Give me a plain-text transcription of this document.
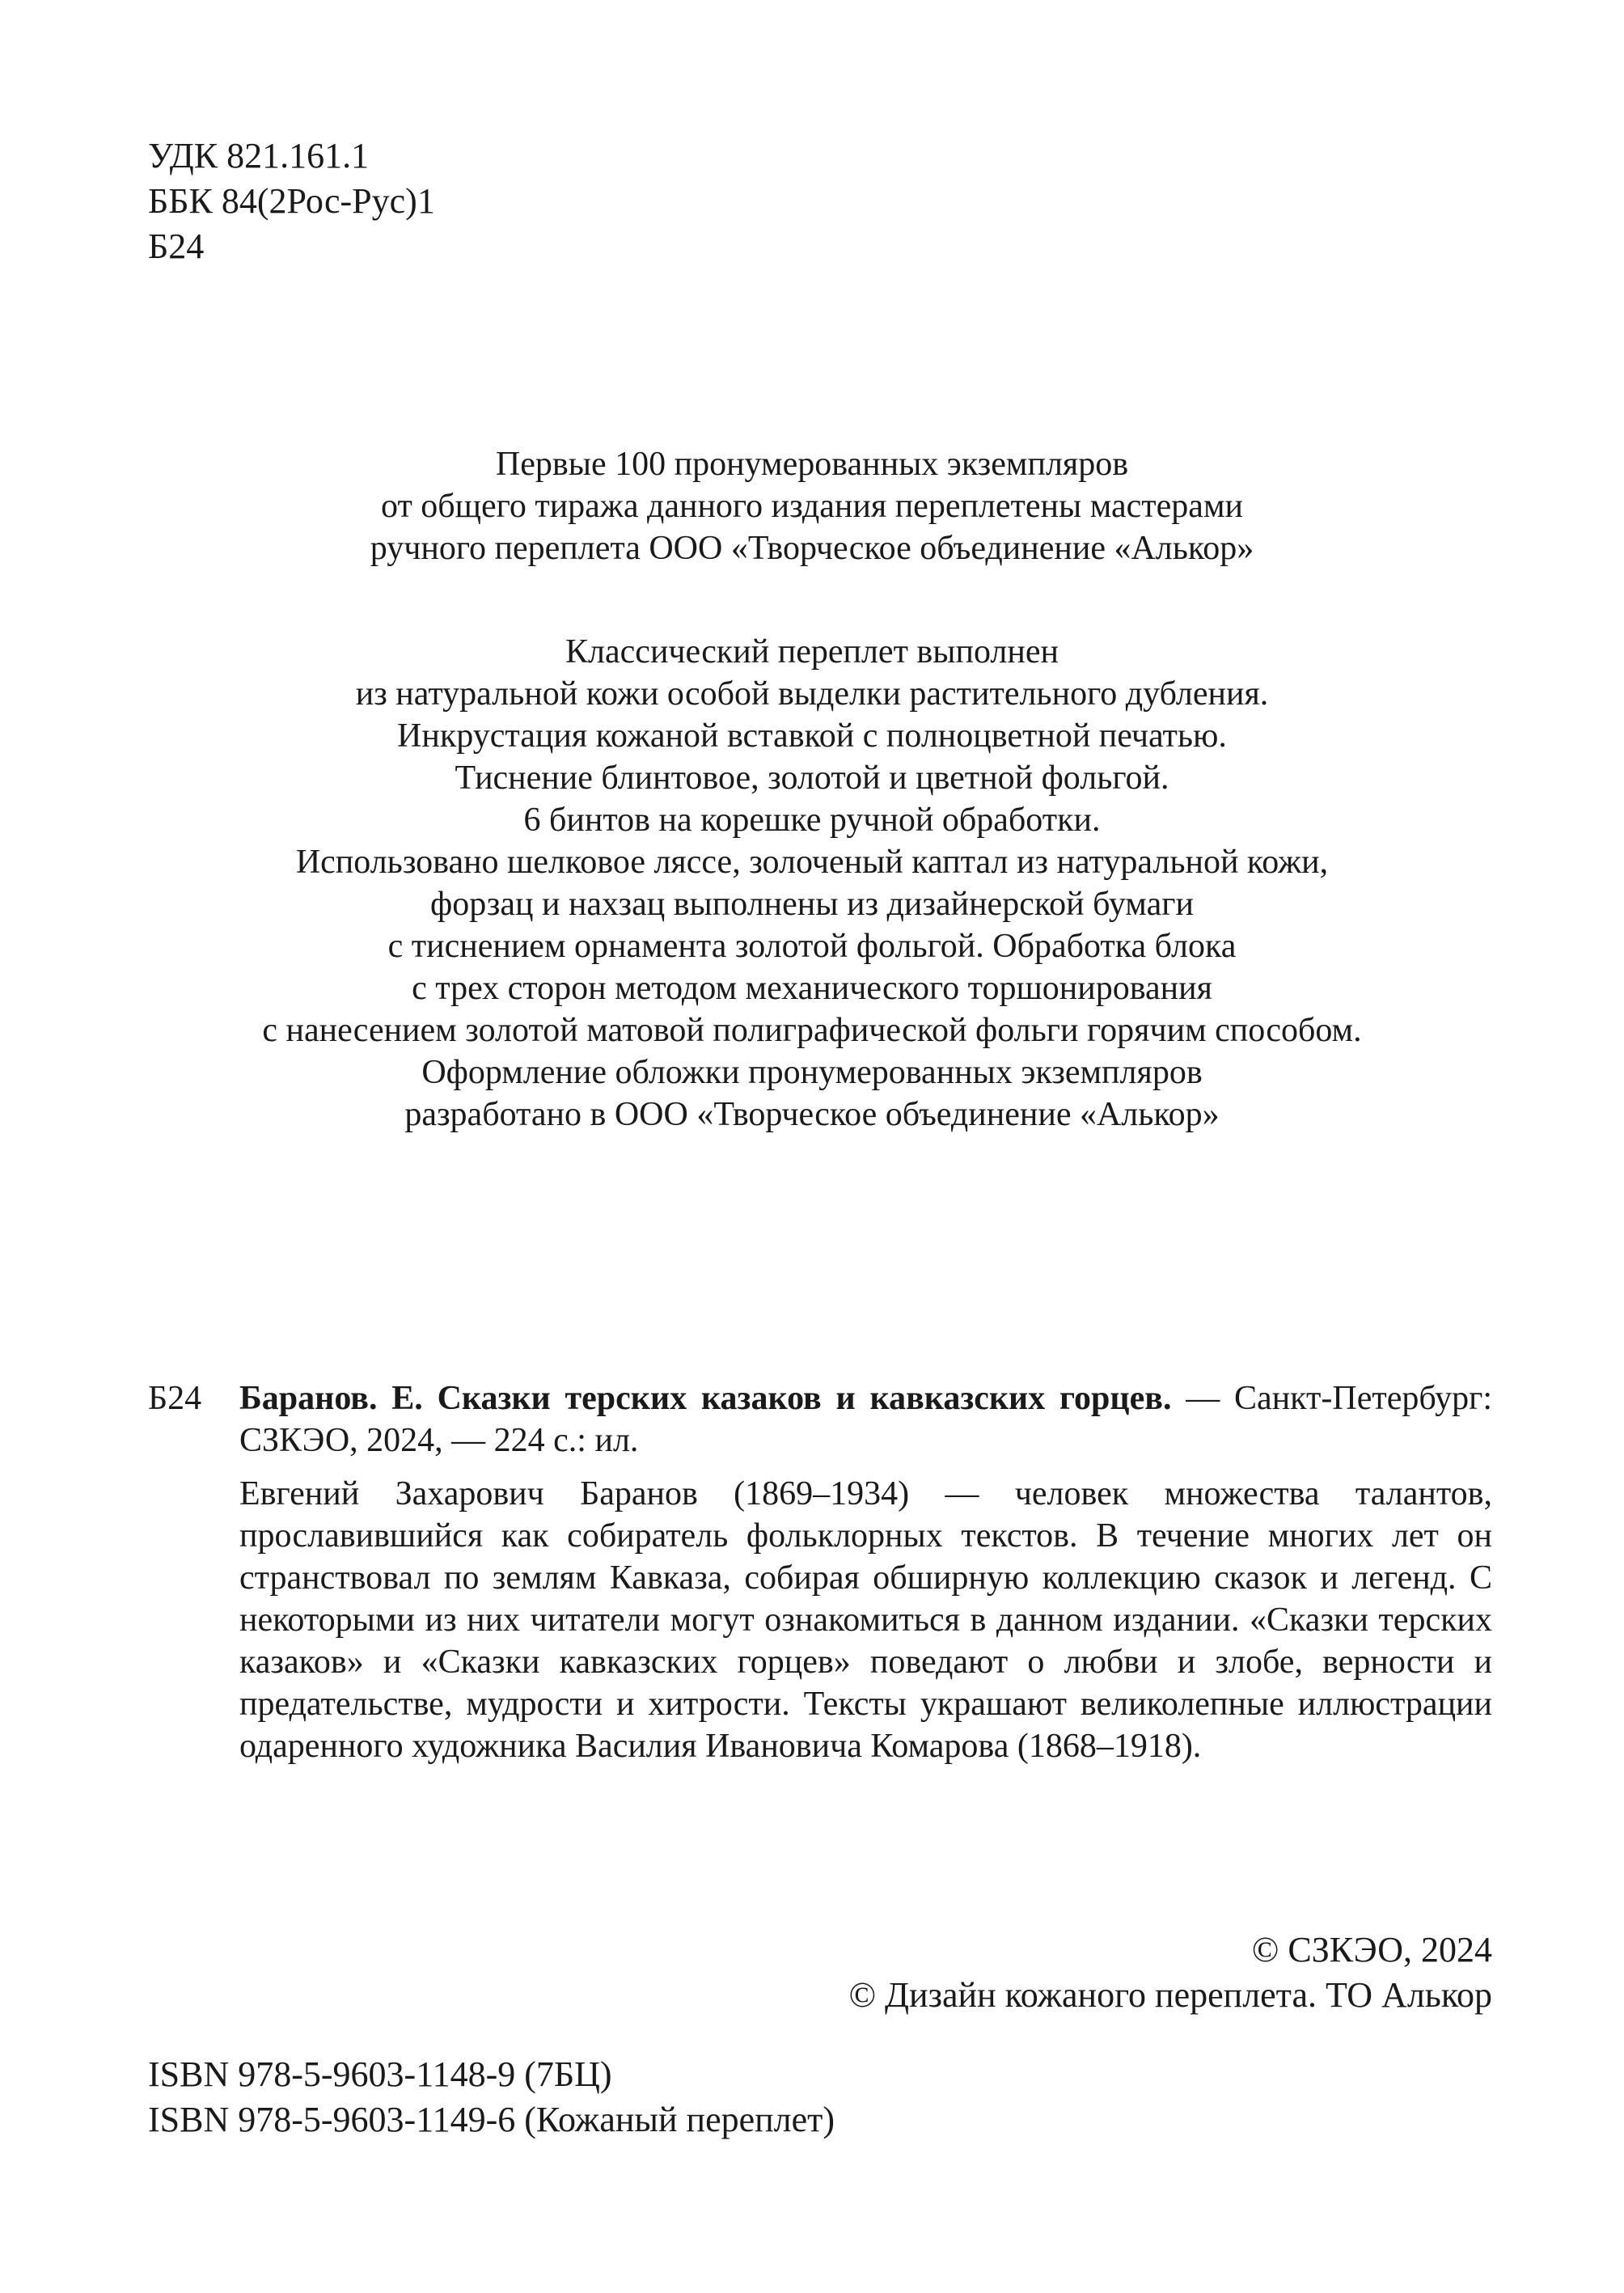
УДК 821.161.1
ББК 84(2Рос-Рус)1
Б24
Первые 100 пронумерованных экземпляров
от общего тиража данного издания переплетены мастерами
ручного переплета ООО «Творческое объединение «Алькор»
Классический переплет выполнен
из натуральной кожи особой выделки растительного дубления.
Инкрустация кожаной вставкой с полноцветной печатью.
Тиснение блинтовое, золотой и цветной фольгой.
6 бинтов на корешке ручной обработки.
Использовано шелковое ляссе, золоченый каптал из натуральной кожи,
форзац и нахзац выполнены из дизайнерской бумаги
с тиснением орнамента золотой фольгой. Обработка блока
с трех сторон методом механического торшонирования
с нанесением золотой матовой полиграфической фольги горячим способом.
Оформление обложки пронумерованных экземпляров
разработано в ООО «Творческое объединение «Алькор»
Б24 Баранов. Е. Сказки терских казаков и кавказских горцев. — Санкт-Петербург: СЗКЭО, 2024, — 224 с.: ил.

Евгений Захарович Баранов (1869–1934) — человек множества талантов, прославившийся как собиратель фольклорных текстов. В течение многих лет он странствовал по землям Кавказа, собирая обширную коллекцию сказок и легенд. С некоторыми из них читатели могут ознакомиться в данном издании. «Сказки терских казаков» и «Сказки кавказских горцев» поведают о любви и злобе, верности и предательстве, мудрости и хитрости. Тексты украшают великолепные иллюстрации одаренного художника Василия Ивановича Комарова (1868–1918).

© СЗКЭО, 2024
© Дизайн кожаного переплета. ТО Алькор
ISBN 978-5-9603-1148-9 (7БЦ)
ISBN 978-5-9603-1149-6 (Кожаный переплет)
